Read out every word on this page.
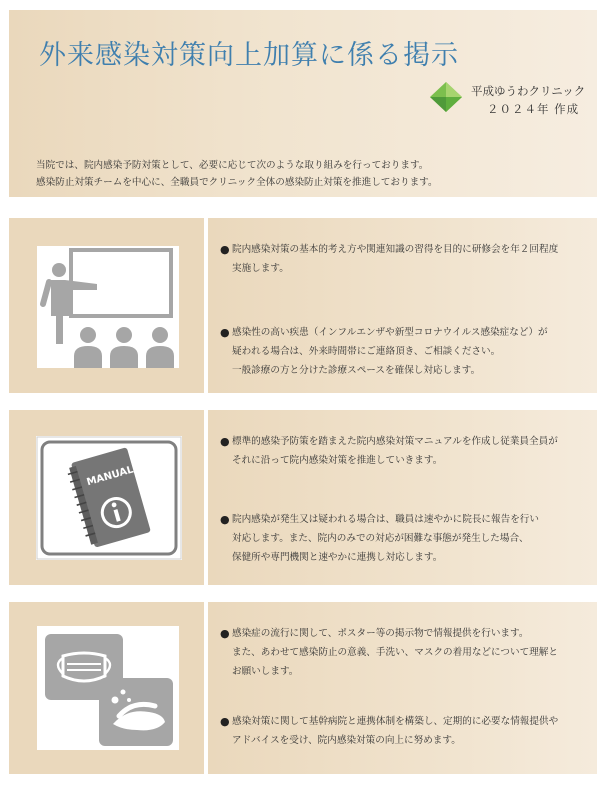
外来感染対策向上加算に係る掲示
平成ゆうわクリニック
２０２４年 作成
当院では、院内感染予防対策として、必要に応じて次のような取り組みを行っております。
感染防止対策チームを中心に、全職員でクリニック全体の感染防止対策を推進しております。
● 院内感染対策の基本的考え方や関連知識の習得を目的に研修会を年２回程度
実施します。
● 感染性の高い疾患（インフルエンザや新型コロナウイルス感染症など）が
疑われる場合は、外来時間帯にご連絡頂き、ご相談ください。
一般診療の方と分けた診療スペースを確保し対応します。
MANUAL
● 標準的感染予防策を踏まえた院内感染対策マニュアルを作成し従業員全員が
それに沿って院内感染対策を推進していきます。
● 院内感染が発生又は疑われる場合は、職員は速やかに院長に報告を行い
対応します。また、院内のみでの対応が困難な事態が発生した場合、
保健所や専門機関と速やかに連携し対応します。
● 感染症の流行に関して、ポスター等の掲示物で情報提供を行います。
また、あわせて感染防止の意義、手洗い、マスクの着用などについて理解と
お願いします。
● 感染対策に関して基幹病院と連携体制を構築し、定期的に必要な情報提供や
アドバイスを受け、院内感染対策の向上に努めます。
